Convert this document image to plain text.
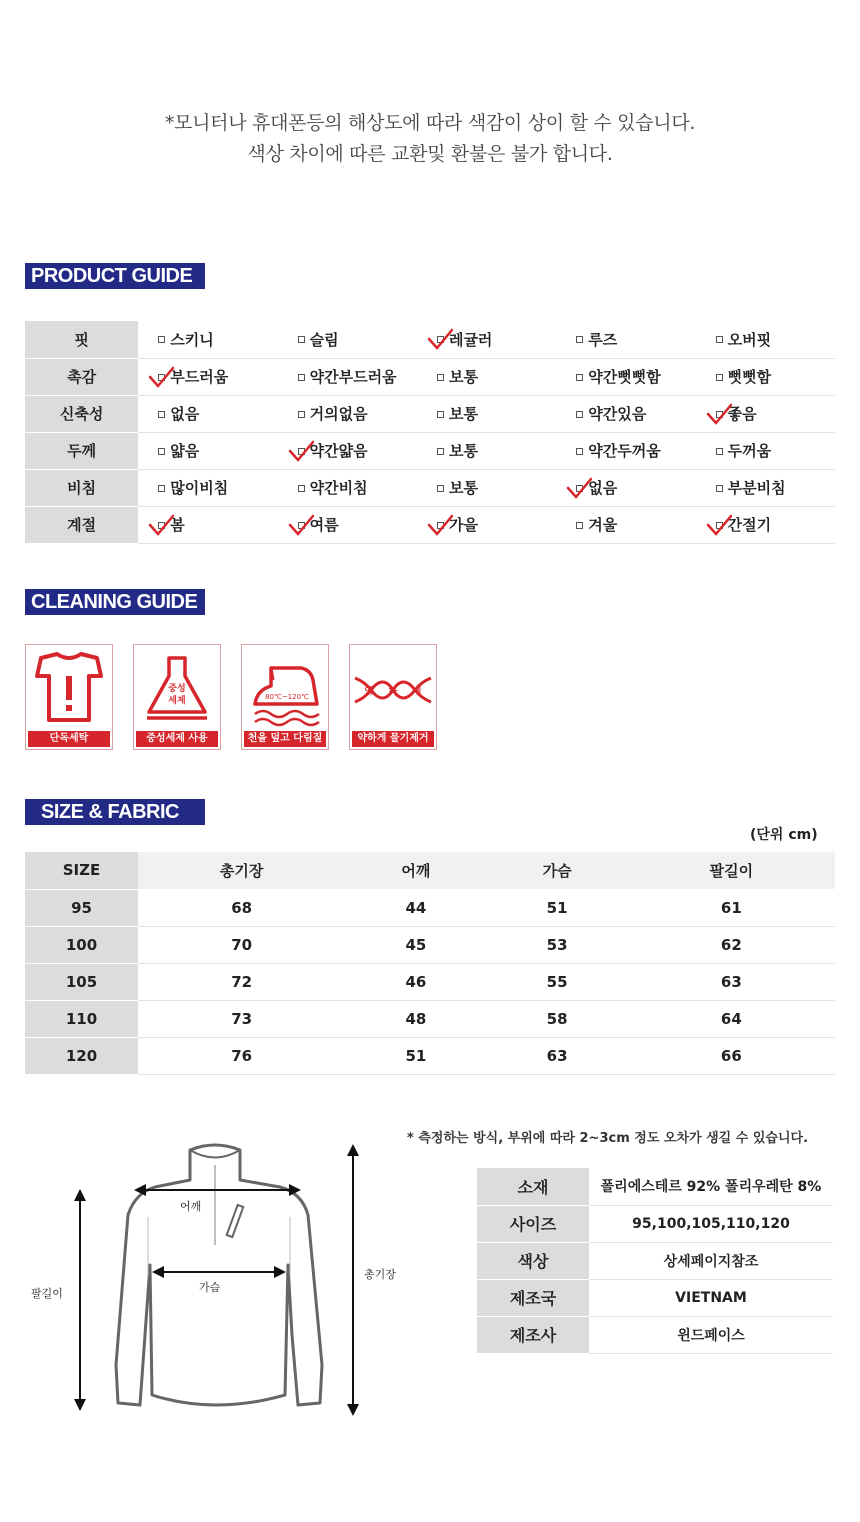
*모니터나 휴대폰등의 해상도에 따라 색감이 상이 할 수 있습니다.
색상 차이에 따른 교환및 환불은 불가 합니다.
PRODUCT GUIDE
핏	스키니	슬림	레귤러	루즈	오버핏
촉감	부드러움	약간부드러움	보통	약간뻣뻣함	뻣뻣함
신축성	없음	거의없음	보통	약간있음	좋음
두께	얇음	약간얇음	보통	약간두꺼움	두꺼움
비침	많이비침	약간비침	보통	없음	부분비침
계절	봄	여름	가을	겨울	간절기
CLEANING GUIDE
단독세탁
중성
세제
중성세제 사용
80℃~120℃
천을 덮고 다림질
약 하 게
약하게 물기제거
SIZE & FABRIC
(단위 cm)
SIZE	총기장	어깨	가슴	팔길이
95	68	44	51	61
100	70	45	53	62
105	72	46	55	63
110	73	48	58	64
120	76	51	63	66
* 측정하는 방식, 부위에 따라 2~3cm 정도 오차가 생길 수 있습니다.
어깨
가슴
팔길이
총기장
소재	폴리에스테르 92% 폴리우레탄 8%
사이즈	95,100,105,110,120
색상	상세페이지참조
제조국	VIETNAM
제조사	윈드페이스
